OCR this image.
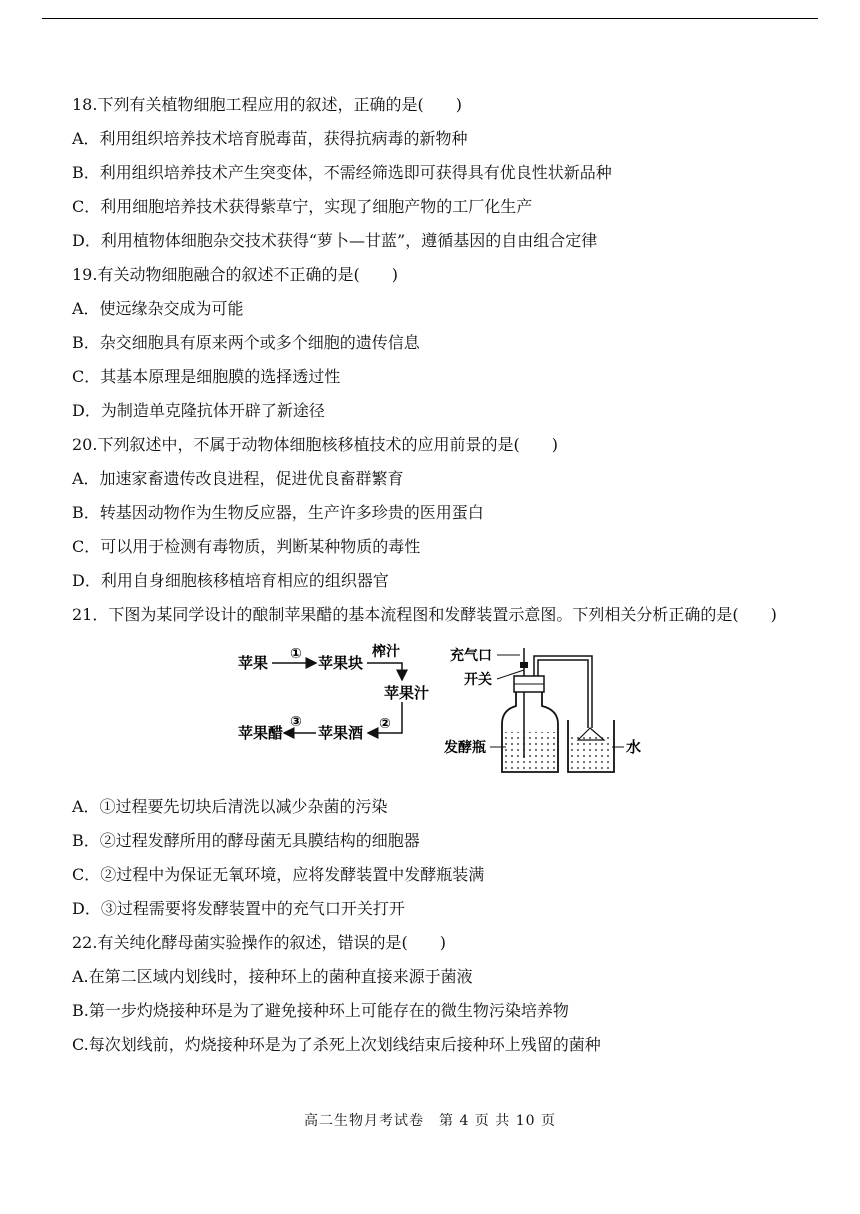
18.下列有关植物细胞工程应用的叙述，正确的是(　　)
A．利用组织培养技术培育脱毒苗，获得抗病毒的新物种
B．利用组织培养技术产生突变体，不需经筛选即可获得具有优良性状新品种
C．利用细胞培养技术获得紫草宁，实现了细胞产物的工厂化生产
D．利用植物体细胞杂交技术获得“萝卜—甘蓝”，遵循基因的自由组合定律
19.有关动物细胞融合的叙述不正确的是(　　)
A．使远缘杂交成为可能
B．杂交细胞具有原来两个或多个细胞的遗传信息
C．其基本原理是细胞膜的选择透过性
D．为制造单克隆抗体开辟了新途径
20.下列叙述中，不属于动物体细胞核移植技术的应用前景的是(　　)
A．加速家畜遗传改良进程，促进优良畜群繁育
B．转基因动物作为生物反应器，生产许多珍贵的医用蛋白
C．可以用于检测有毒物质，判断某种物质的毒性
D．利用自身细胞核移植培育相应的组织器官
21．下图为某同学设计的酿制苹果醋的基本流程图和发酵装置示意图。下列相关分析正确的是(　　)
苹果 ① 苹果块
榨汁
苹果汁
②
苹果酒
③
苹果醋
充气口
开关
发酵瓶	水
A．①过程要先切块后清洗以减少杂菌的污染
B．②过程发酵所用的酵母菌无具膜结构的细胞器
C．②过程中为保证无氧环境，应将发酵装置中发酵瓶装满
D．③过程需要将发酵装置中的充气口开关打开
22.有关纯化酵母菌实验操作的叙述，错误的是(　　)
A.在第二区域内划线时，接种环上的菌种直接来源于菌液
B.第一步灼烧接种环是为了避免接种环上可能存在的微生物污染培养物
C.每次划线前，灼烧接种环是为了杀死上次划线结束后接种环上残留的菌种
高二生物月考试卷　第 4 页 共 10 页
